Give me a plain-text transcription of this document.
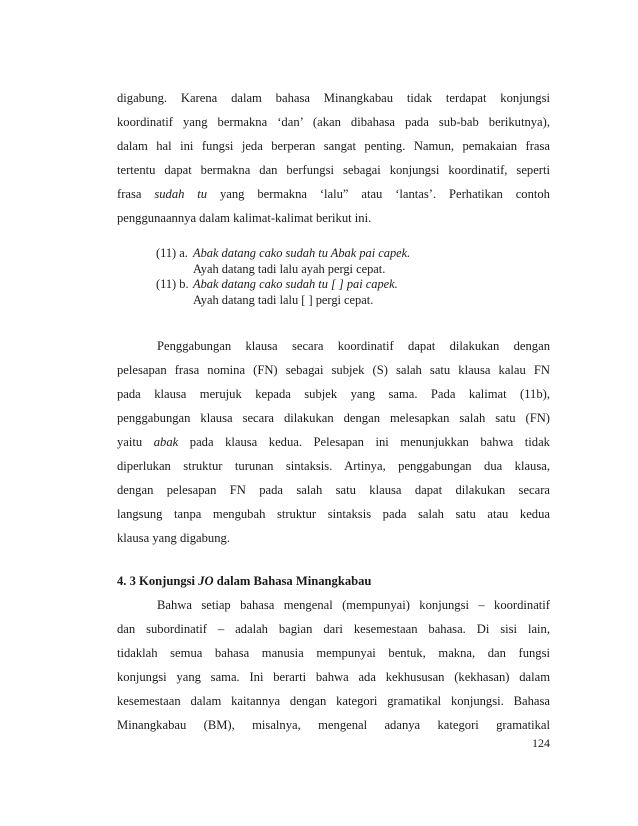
digabung. Karena dalam bahasa Minangkabau tidak terdapat konjungsi
koordinatif yang bermakna ‘dan’ (akan dibahasa pada sub-bab berikutnya),
dalam hal ini fungsi jeda berperan sangat penting. Namun, pemakaian frasa
tertentu dapat bermakna dan berfungsi sebagai konjungsi koordinatif, seperti
frasa sudah tu yang bermakna ‘lalu” atau ‘lantas’. Perhatikan contoh
penggunaannya dalam kalimat-kalimat berikut ini.
(11) a. Abak datang cako sudah tu Abak pai capek.
Ayah datang tadi lalu ayah pergi cepat.
(11) b. Abak datang cako sudah tu [ ] pai capek.
Ayah datang tadi lalu [ ] pergi cepat.
Penggabungan klausa secara koordinatif dapat dilakukan dengan
pelesapan frasa nomina (FN) sebagai subjek (S) salah satu klausa kalau FN
pada klausa merujuk kepada subjek yang sama. Pada kalimat (11b),
penggabungan klausa secara dilakukan dengan melesapkan salah satu (FN)
yaitu abak pada klausa kedua. Pelesapan ini menunjukkan bahwa tidak
diperlukan struktur turunan sintaksis. Artinya, penggabungan dua klausa,
dengan pelesapan FN pada salah satu klausa dapat dilakukan secara
langsung tanpa mengubah struktur sintaksis pada salah satu atau kedua
klausa yang digabung.
4. 3 Konjungsi JO dalam Bahasa Minangkabau
Bahwa setiap bahasa mengenal (mempunyai) konjungsi – koordinatif
dan subordinatif – adalah bagian dari kesemestaan bahasa. Di sisi lain,
tidaklah semua bahasa manusia mempunyai bentuk, makna, dan fungsi
konjungsi yang sama. Ini berarti bahwa ada kekhususan (kekhasan) dalam
kesemestaan dalam kaitannya dengan kategori gramatikal konjungsi. Bahasa
Minangkabau (BM), misalnya, mengenal adanya kategori gramatikal
124
